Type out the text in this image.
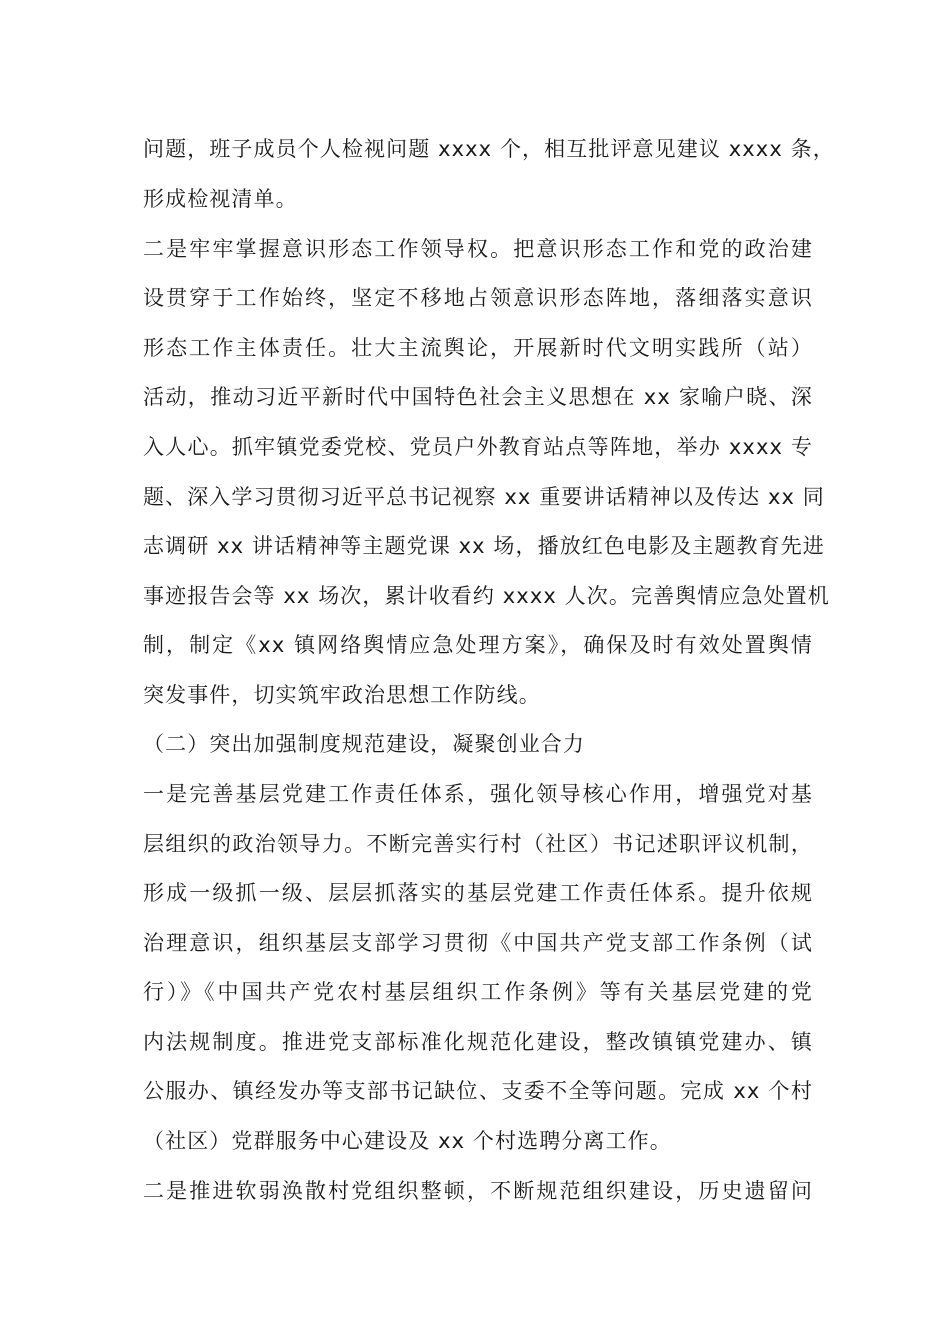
问题，班子成员个人检视问题 xxxx 个，相互批评意见建议 xxxx 条，

形成检视清单。

二是牢牢掌握意识形态工作领导权。把意识形态工作和党的政治建

设贯穿于工作始终，坚定不移地占领意识形态阵地，落细落实意识

形态工作主体责任。壮大主流舆论，开展新时代文明实践所（站）

活动，推动习近平新时代中国特色社会主义思想在 xx 家喻户晓、深

入人心。抓牢镇党委党校、党员户外教育站点等阵地，举办 xxxx 专

题、深入学习贯彻习近平总书记视察 xx 重要讲话精神以及传达 xx 同

志调研 xx 讲话精神等主题党课 xx 场，播放红色电影及主题教育先进

事迹报告会等 xx 场次，累计收看约 xxxx 人次。完善舆情应急处置机

制，制定《xx 镇网络舆情应急处理方案》，确保及时有效处置舆情

突发事件，切实筑牢政治思想工作防线。

（二）突出加强制度规范建设，凝聚创业合力

一是完善基层党建工作责任体系，强化领导核心作用，增强党对基

层组织的政治领导力。不断完善实行村（社区）书记述职评议机制，

形成一级抓一级、层层抓落实的基层党建工作责任体系。提升依规

治理意识，组织基层支部学习贯彻《中国共产党支部工作条例（试

行）》《中国共产党农村基层组织工作条例》等有关基层党建的党

内法规制度。推进党支部标准化规范化建设，整改镇镇党建办、镇

公服办、镇经发办等支部书记缺位、支委不全等问题。完成 xx 个村

（社区）党群服务中心建设及 xx 个村选聘分离工作。

二是推进软弱涣散村党组织整顿，不断规范组织建设，历史遗留问
